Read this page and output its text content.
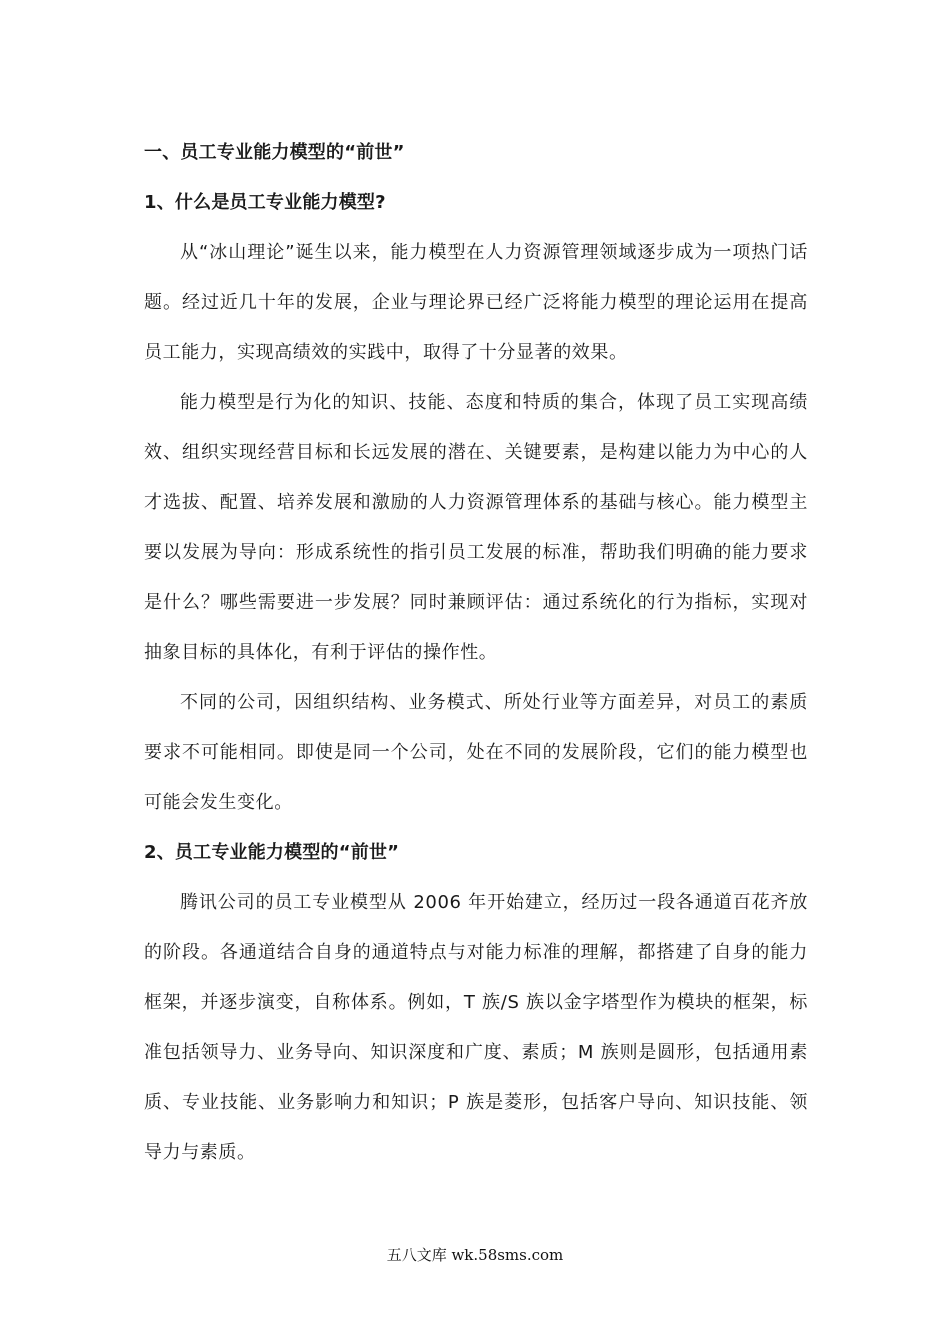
一、员工专业能力模型的“前世”

1、什么是员工专业能力模型?

从“冰山理论”诞生以来，能力模型在人力资源管理领域逐步成为一项热门话题。经过近几十年的发展，企业与理论界已经广泛将能力模型的理论运用在提高员工能力，实现高绩效的实践中，取得了十分显著的效果。

能力模型是行为化的知识、技能、态度和特质的集合，体现了员工实现高绩效、组织实现经营目标和长远发展的潜在、关键要素，是构建以能力为中心的人才选拔、配置、培养发展和激励的人力资源管理体系的基础与核心。能力模型主要以发展为导向：形成系统性的指引员工发展的标准，帮助我们明确的能力要求是什么？哪些需要进一步发展？同时兼顾评估：通过系统化的行为指标，实现对抽象目标的具体化，有利于评估的操作性。

不同的公司，因组织结构、业务模式、所处行业等方面差异，对员工的素质要求不可能相同。即使是同一个公司，处在不同的发展阶段，它们的能力模型也可能会发生变化。

2、员工专业能力模型的“前世”

腾讯公司的员工专业模型从 2006 年开始建立，经历过一段各通道百花齐放的阶段。各通道结合自身的通道特点与对能力标准的理解，都搭建了自身的能力框架，并逐步演变，自称体系。例如，T 族/S 族以金字塔型作为模块的框架，标准包括领导力、业务导向、知识深度和广度、素质；M 族则是圆形，包括通用素质、专业技能、业务影响力和知识；P 族是菱形，包括客户导向、知识技能、领导力与素质。

五八文库 wk.58sms.com
